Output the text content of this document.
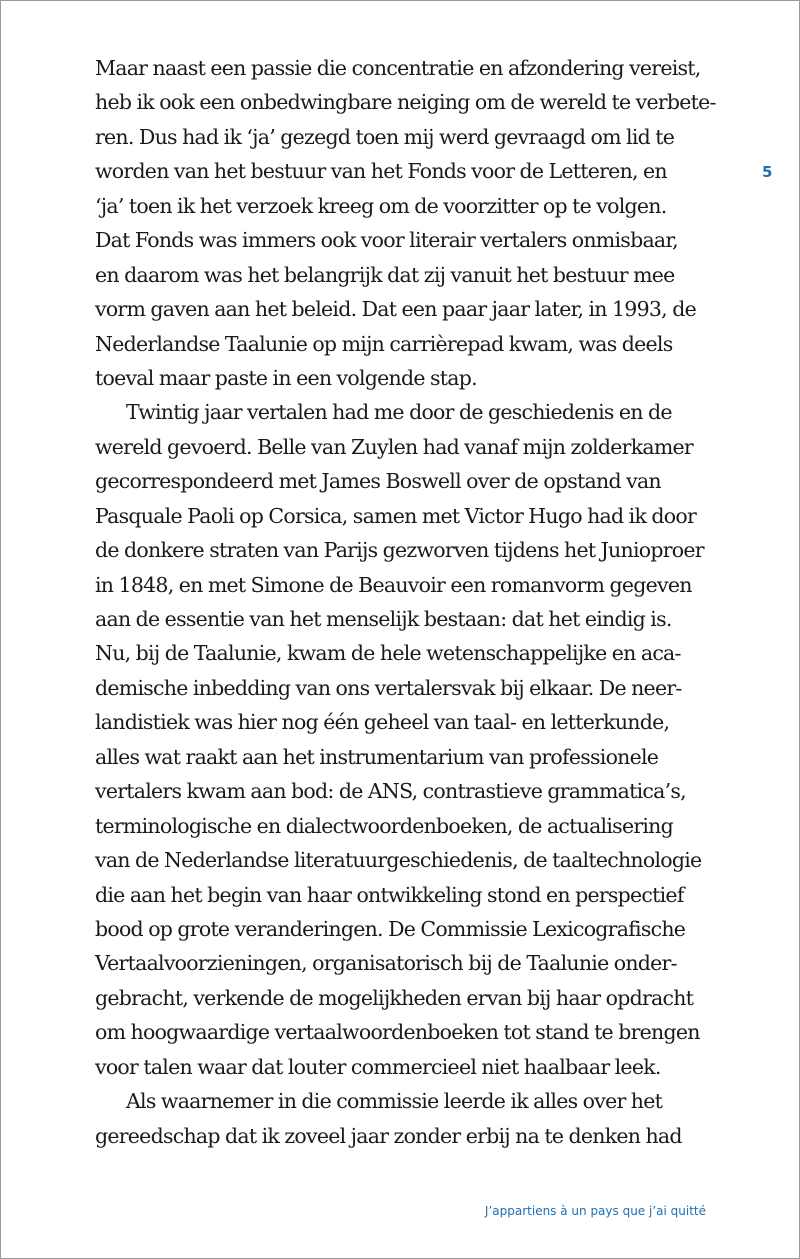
Maar naast een passie die concentratie en afzondering vereist,
heb ik ook een onbedwingbare neiging om de wereld te verbete-
ren. Dus had ik ‘ja’ gezegd toen mij werd gevraagd om lid te
worden van het bestuur van het Fonds voor de Letteren, en
‘ja’ toen ik het verzoek kreeg om de voorzitter op te volgen.
Dat Fonds was immers ook voor literair vertalers onmisbaar,
en daarom was het belangrijk dat zij vanuit het bestuur mee
vorm gaven aan het beleid. Dat een paar jaar later, in 1993, de
Nederlandse Taalunie op mijn carrièrepad kwam, was deels
toeval maar paste in een volgende stap.
Twintig jaar vertalen had me door de geschiedenis en de
wereld gevoerd. Belle van Zuylen had vanaf mijn zolderkamer
gecorrespondeerd met James Boswell over de opstand van
Pasquale Paoli op Corsica, samen met Victor Hugo had ik door
de donkere straten van Parijs gezworven tijdens het Junioproer
in 1848, en met Simone de Beauvoir een romanvorm gegeven
aan de essentie van het menselijk bestaan: dat het eindig is.
Nu, bij de Taalunie, kwam de hele wetenschappelijke en aca-
demische inbedding van ons vertalersvak bij elkaar. De neer-
landistiek was hier nog één geheel van taal- en letterkunde,
alles wat raakt aan het instrumentarium van professionele
vertalers kwam aan bod: de ANS, contrastieve grammatica’s,
terminologische en dialectwoordenboeken, de actualisering
van de Nederlandse literatuurgeschiedenis, de taaltechnologie
die aan het begin van haar ontwikkeling stond en perspectief
bood op grote veranderingen. De Commissie Lexicografische
Vertaalvoorzieningen, organisatorisch bij de Taalunie onder-
gebracht, verkende de mogelijkheden ervan bij haar opdracht
om hoogwaardige vertaalwoordenboeken tot stand te brengen
voor talen waar dat louter commercieel niet haalbaar leek.
Als waarnemer in die commissie leerde ik alles over het
gereedschap dat ik zoveel jaar zonder erbij na te denken had
5
J’appartiens à un pays que j’ai quitté
